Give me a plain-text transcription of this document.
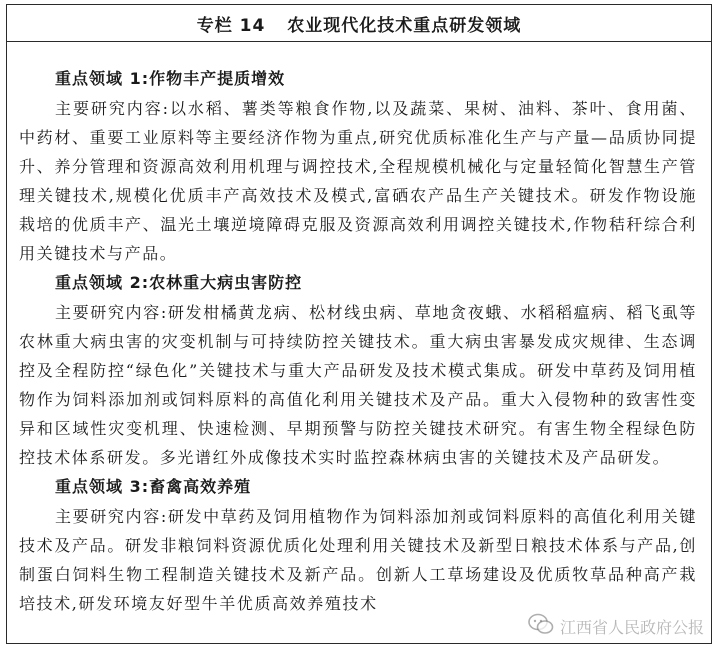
专栏 14 农业现代化技术重点研发领域
重点领域 1:作物丰产提质增效

主要研究内容:以水稻、薯类等粮食作物,以及蔬菜、果树、油料、茶叶、食用菌、中药材、重要工业原料等主要经济作物为重点,研究优质标准化生产与产量—品质协同提升、养分管理和资源高效利用机理与调控技术,全程规模机械化与定量轻简化智慧生产管理关键技术,规模化优质丰产高效技术及模式,富硒农产品生产关键技术。研发作物设施栽培的优质丰产、温光土壤逆境障碍克服及资源高效利用调控关键技术,作物秸秆综合利用关键技术与产品。

重点领域 2:农林重大病虫害防控

主要研究内容:研发柑橘黄龙病、松材线虫病、草地贪夜蛾、水稻稻瘟病、稻飞虱等农林重大病虫害的灾变机制与可持续防控关键技术。重大病虫害暴发成灾规律、生态调控及全程防控“绿色化”关键技术与重大产品研发及技术模式集成。研发中草药及饲用植物作为饲料添加剂或饲料原料的高值化利用关键技术及产品。重大入侵物种的致害性变异和区域性灾变机理、快速检测、早期预警与防控关键技术研究。有害生物全程绿色防控技术体系研发。多光谱红外成像技术实时监控森林病虫害的关键技术及产品研发。

重点领域 3:畜禽高效养殖

主要研究内容:研发中草药及饲用植物作为饲料添加剂或饲料原料的高值化利用关键技术及产品。研发非粮饲料资源优质化处理利用关键技术及新型日粮技术体系与产品,创制蛋白饲料生物工程制造关键技术及新产品。创新人工草场建设及优质牧草品种高产栽培技术,研发环境友好型牛羊优质高效养殖技术

江西省人民政府公报
